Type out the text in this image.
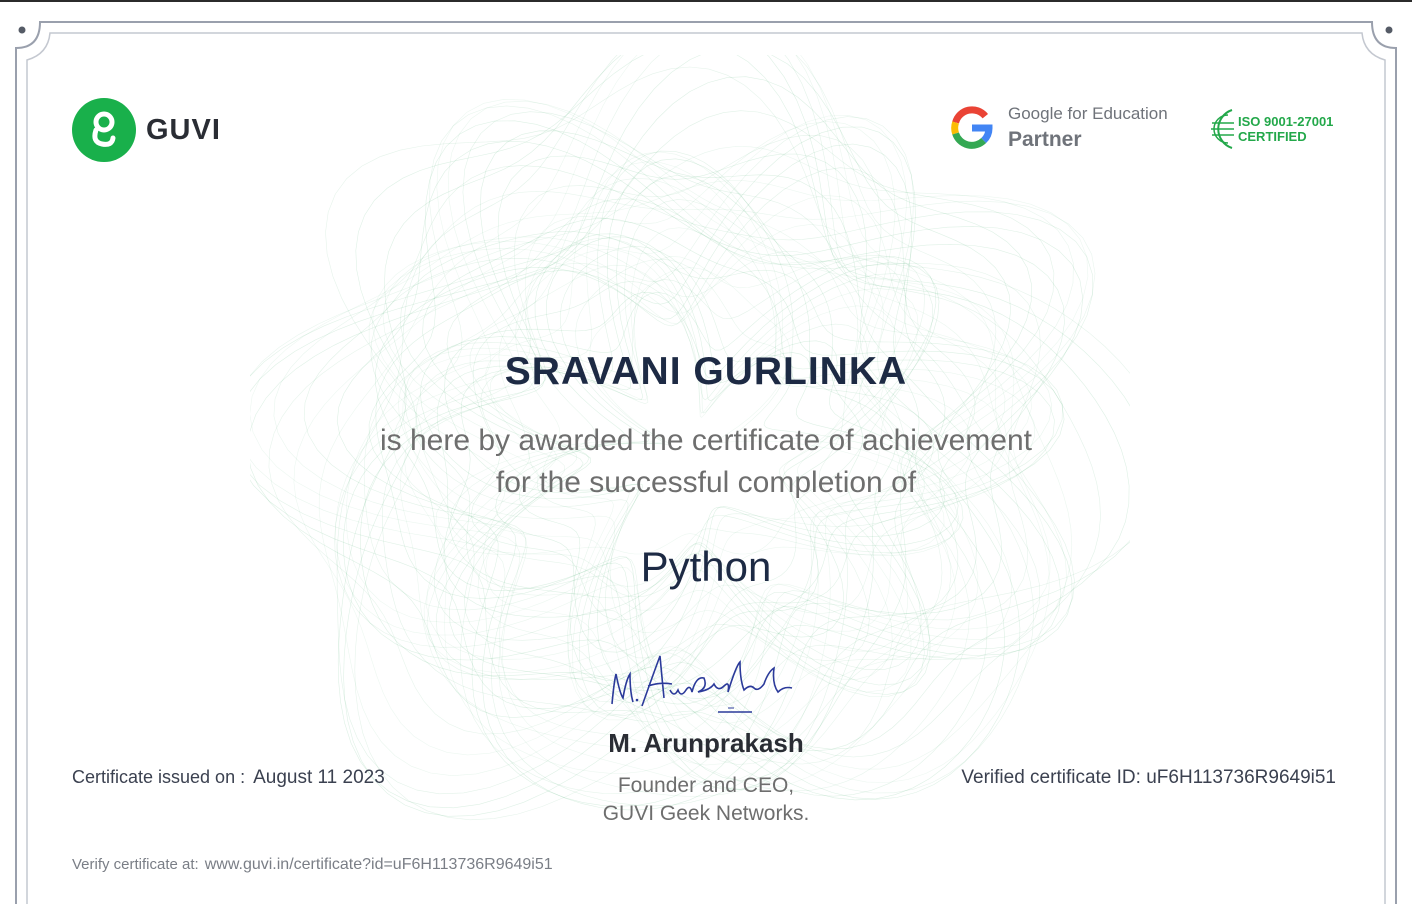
GUVI	Google for Education
Partner
ISO 9001-27001
CERTIFIED
SRAVANI GURLINKA
is here by awarded the certificate of achievement
for the successful completion of
Python
M. Arunprakash
Founder and CEO,
GUVI Geek Networks.
Certificate issued on : August 11 2023	Verified certificate ID: uF6H113736R9649i51
Verify certificate at: www.guvi.in/certificate?id=uF6H113736R9649i51
